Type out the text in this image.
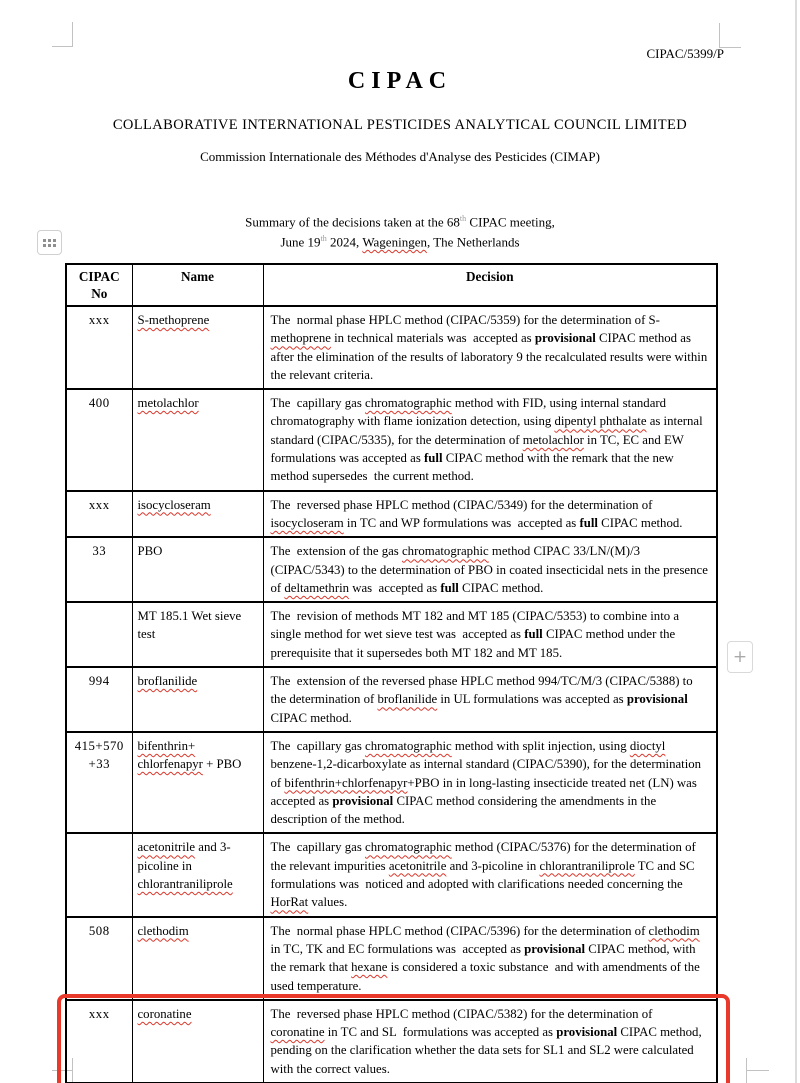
CIPAC/5399/P
CIPAC
COLLABORATIVE INTERNATIONAL PESTICIDES ANALYTICAL COUNCIL LIMITED
Commission Internationale des Méthodes d'Analyse des Pesticides (CIMAP)
Summary of the decisions taken at the 68th CIPAC meeting,
June 19th 2024, Wageningen, The Netherlands
+
CIPAC
No	Name	Decision
xxx	S-methoprene	The  normal phase HPLC method (CIPAC/5359) for the determination of S-methoprene in technical materials was  accepted as provisional CIPAC method as after the elimination of the results of laboratory 9 the recalculated results were within the relevant criteria.
400	metolachlor	The  capillary gas chromatographic method with FID, using internal standard chromatography with flame ionization detection, using dipentyl phthalate as internal standard (CIPAC/5335), for the determination of metolachlor in TC, EC and EW formulations was accepted as full CIPAC method with the remark that the new method supersedes  the current method.
xxx	isocycloseram	The  reversed phase HPLC method (CIPAC/5349) for the determination of isocycloseram in TC and WP formulations was  accepted as full CIPAC method.
33	PBO	The  extension of the gas chromatographic method CIPAC 33/LN/(M)/3 (CIPAC/5343) to the determination of PBO in coated insecticidal nets in the presence of deltamethrin was  accepted as full CIPAC method.
	MT 185.1 Wet sieve test	The  revision of methods MT 182 and MT 185 (CIPAC/5353) to combine into a single method for wet sieve test was  accepted as full CIPAC method under the prerequisite that it supersedes both MT 182 and MT 185.
994	broflanilide	The  extension of the reversed phase HPLC method 994/TC/M/3 (CIPAC/5388) to the determination of broflanilide in UL formulations was accepted as provisional CIPAC method.
415+570 +33	bifenthrin+ chlorfenapyr + PBO	The  capillary gas chromatographic method with split injection, using dioctyl benzene-1,2-dicarboxylate as internal standard (CIPAC/5390), for the determination of bifenthrin+chlorfenapyr+PBO in in long-lasting insecticide treated net (LN) was accepted as provisional CIPAC method considering the amendments in the description of the method.
	acetonitrile and 3-picoline in chlorantraniliprole	The  capillary gas chromatographic method (CIPAC/5376) for the determination of the relevant impurities acetonitrile and 3-picoline in chlorantraniliprole TC and SC formulations was  noticed and adopted with clarifications needed concerning the HorRat values.
508	clethodim	The  normal phase HPLC method (CIPAC/5396) for the determination of clethodim in TC, TK and EC formulations was  accepted as provisional CIPAC method, with the remark that hexane is considered a toxic substance  and with amendments of the used temperature.
xxx	coronatine	The  reversed phase HPLC method (CIPAC/5382) for the determination of coronatine in TC and SL  formulations was accepted as provisional CIPAC method, pending on the clarification whether the data sets for SL1 and SL2 were calculated with the correct values.
